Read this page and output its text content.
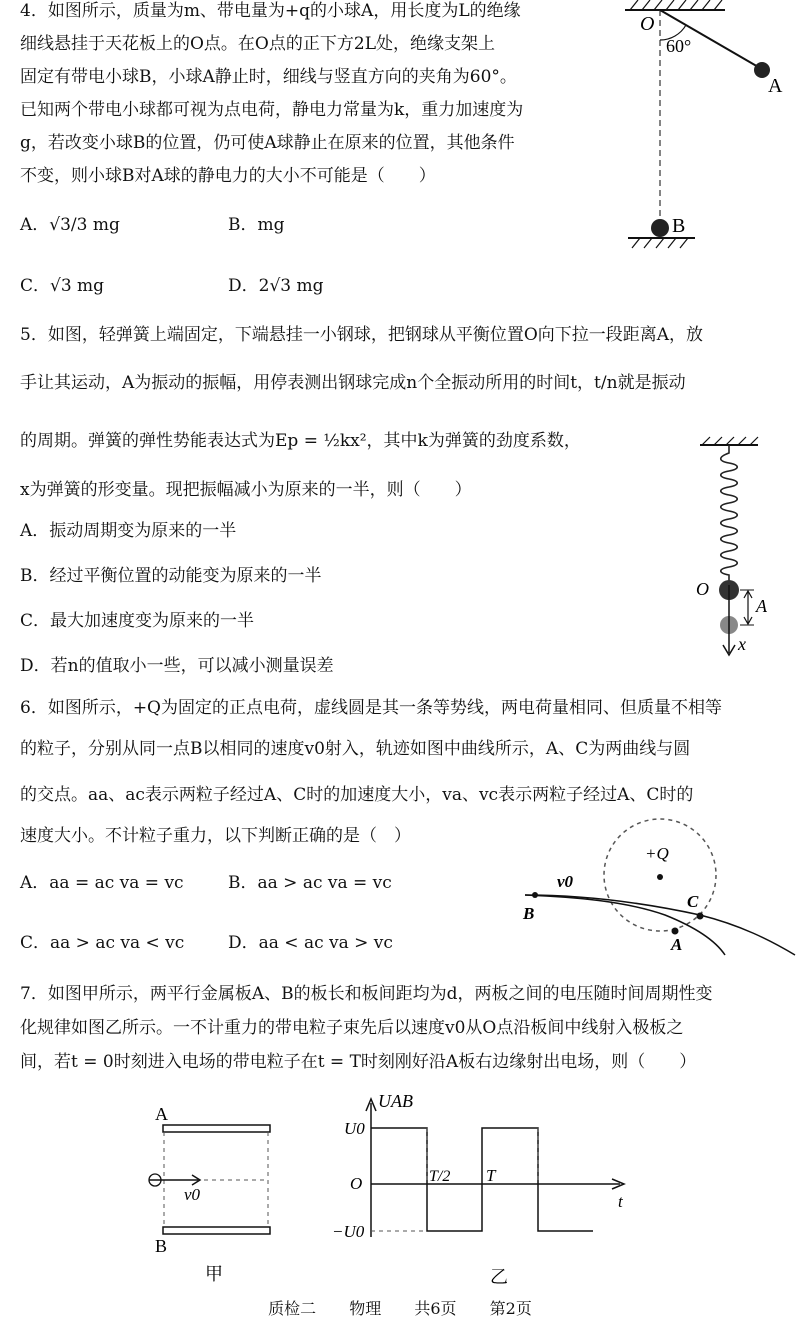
4．如图所示，质量为m、带电量为+q的小球A，用长度为L的绝缘
细线悬挂于天花板上的O点。在O点的正下方2L处，绝缘支架上
固定有带电小球B，小球A静止时，细线与竖直方向的夹角为60°。
已知两个带电小球都可视为点电荷，静电力常量为k，重力加速度为
g，若改变小球B的位置，仍可使A球静止在原来的位置，其他条件
不变，则小球B对A球的静电力的大小不可能是（　　）
A．√3/3 mg	B．mg
C．√3 mg	D．2√3 mg
O
60°
A
B
5．如图，轻弹簧上端固定，下端悬挂一小钢球，把钢球从平衡位置O向下拉一段距离A，放
手让其运动，A为振动的振幅，用停表测出钢球完成n个全振动所用的时间t，t/n就是振动
的周期。弹簧的弹性势能表达式为Ep = ½kx²，其中k为弹簧的劲度系数，
x为弹簧的形变量。现把振幅减小为原来的一半，则（　　）
A．振动周期变为原来的一半
B．经过平衡位置的动能变为原来的一半
C．最大加速度变为原来的一半
D．若n的值取小一些，可以减小测量误差
O
A
x
6．如图所示，+Q为固定的正点电荷，虚线圆是其一条等势线，两电荷量相同、但质量不相等
的粒子，分别从同一点B以相同的速度v0射入，轨迹如图中曲线所示，A、C为两曲线与圆
的交点。aa、ac表示两粒子经过A、C时的加速度大小，va、vc表示两粒子经过A、C时的
速度大小。不计粒子重力，以下判断正确的是（　）
A．aa = ac va = vc	B．aa > ac va = vc
C．aa > ac va < vc	D．aa < ac va > vc
+Q
v0
B
C
A
7．如图甲所示，两平行金属板A、B的板长和板间距均为d，两板之间的电压随时间周期性变
化规律如图乙所示。一不计重力的带电粒子束先后以速度v0从O点沿板间中线射入极板之
间，若t = 0时刻进入电场的带电粒子在t = T时刻刚好沿A板右边缘射出电场，则（　　）
A
B
v0
甲
UAB
U0
−U0
O	T/2 T
t
乙
质检二 物理 共6页 第2页
